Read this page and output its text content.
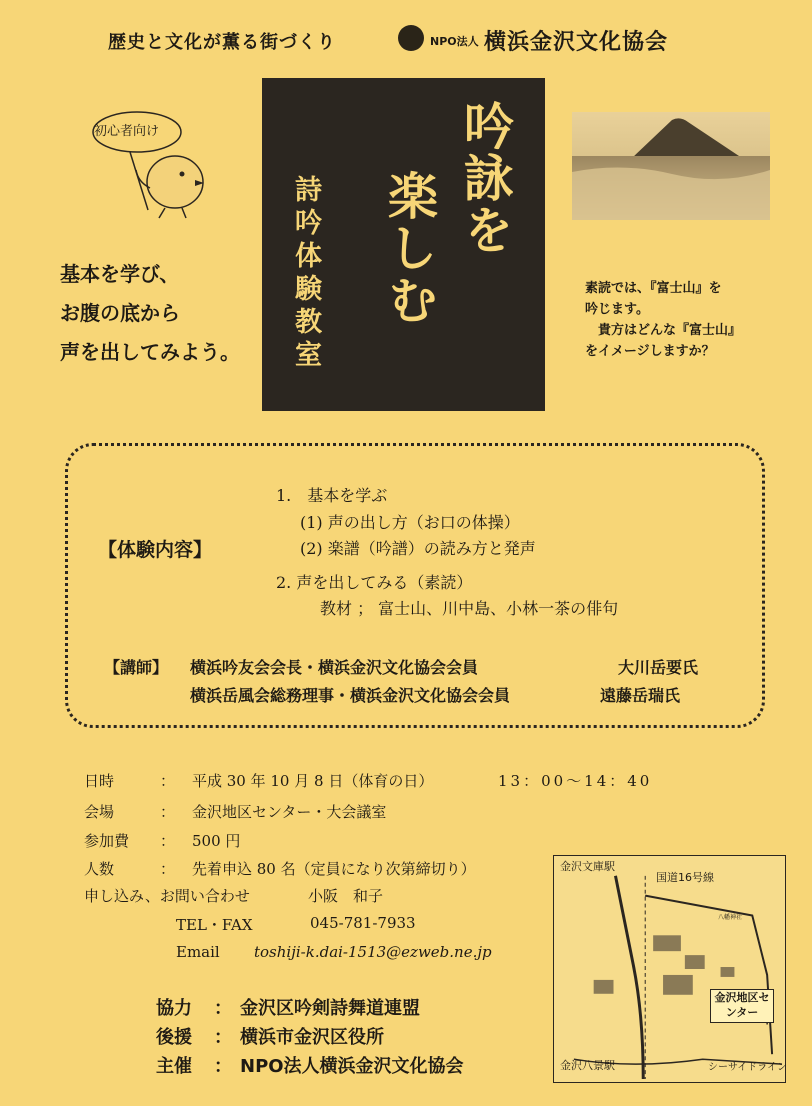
歴史と文化が薫る街づくり	NPO法人 横浜金沢文化協会
初心者向け	吟詠を
楽しむ
詩吟体験教室
基本を学び、
お腹の底から
声を出してみよう。
素読では、『富士山』を
吟じます。
　貴方はどんな『富士山』
をイメージしますか？
【体験内容】
1.　基本を学ぶ
(1) 声の出し方（お口の体操）
(2) 楽譜（吟譜）の読み方と発声
2. 声を出してみる（素読）
教材 ； 富士山、川中島、小林一茶の俳句
【講師】 横浜吟友会会長・横浜金沢文化協会会員	大川岳要氏
横浜岳風会総務理事・横浜金沢文化協会会員	遠藤岳瑞氏
日時	： 平成 30 年 10 月 8 日（体育の日）	13：00〜14：40
会場	： 金沢地区センター・大会議室
参加費 ： 500 円
人数	： 先着申込 80 名（定員になり次第締切り）
申し込み、お問い合わせ	小阪　和子
TEL・FAX	045-781-7933
Email toshiji-k.dai-1513@ezweb.ne.jp
協力 ： 金沢区吟剣詩舞道連盟
後援 ： 横浜市金沢区役所
主催 ： NPO法人横浜金沢文化協会
金沢文庫駅
国道16号線
八幡神社
金沢地区センター
金沢八景駅	シーサイドライン
